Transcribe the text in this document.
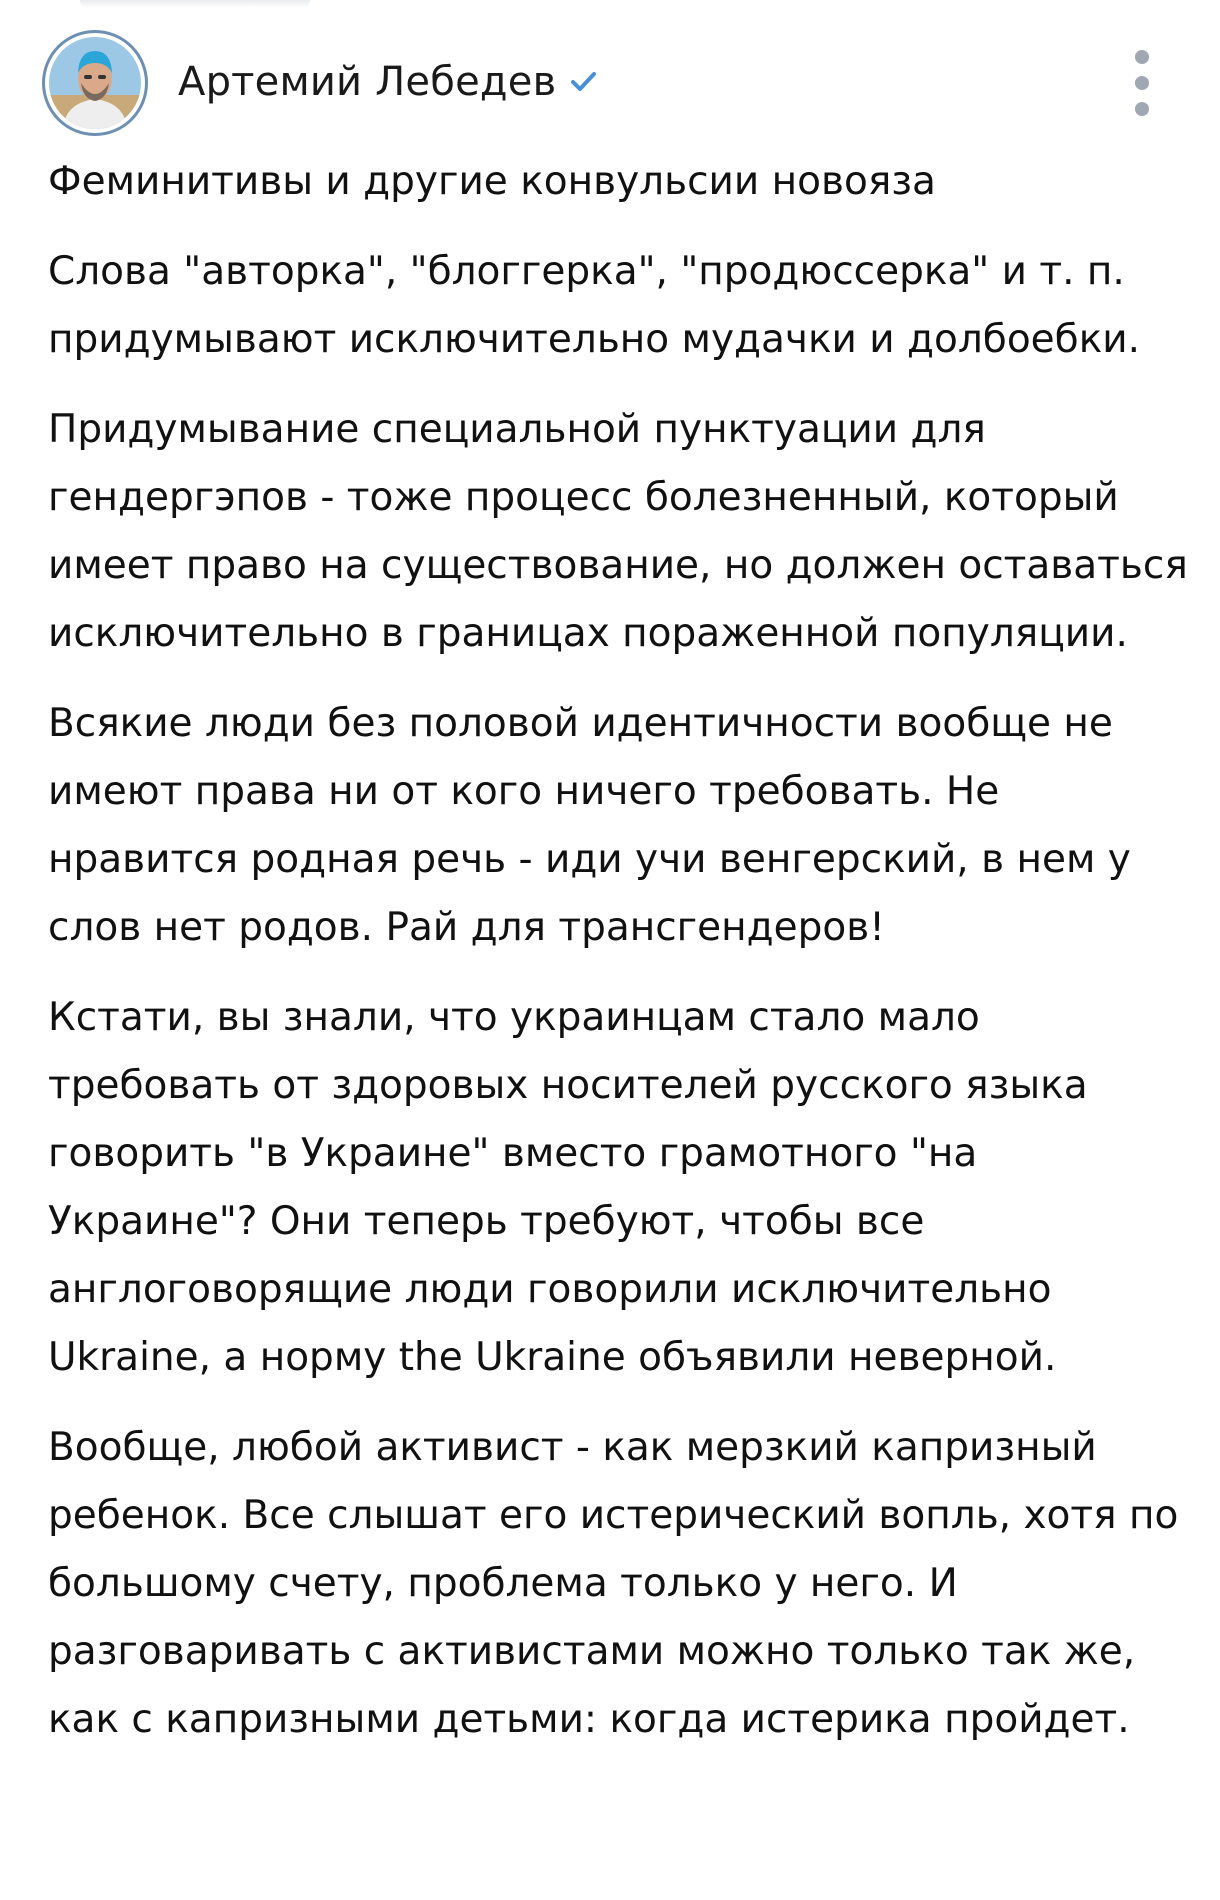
Артемий Лебедев

Феминитивы и другие конвульсии новояза

Слова "авторка", "блоггерка", "продюссерка" и т. п. придумывают исключительно мудачки и долбоебки.

Придумывание специальной пунктуации для гендергэпов - тоже процесс болезненный, который имеет право на существование, но должен оставаться исключительно в границах пораженной популяции.

Всякие люди без половой идентичности вообще не имеют права ни от кого ничего требовать. Не нравится родная речь - иди учи венгерский, в нем у слов нет родов. Рай для трансгендеров!

Кстати, вы знали, что украинцам стало мало требовать от здоровых носителей русского языка говорить "в Украине" вместо грамотного "на Украине"? Они теперь требуют, чтобы все англоговорящие люди говорили исключительно Ukraine, а норму the Ukraine объявили неверной.

Вообще, любой активист - как мерзкий капризный ребенок. Все слышат его истерический вопль, хотя по большому счету, проблема только у него. И разговаривать с активистами можно только так же, как с капризными детьми: когда истерика пройдет.
